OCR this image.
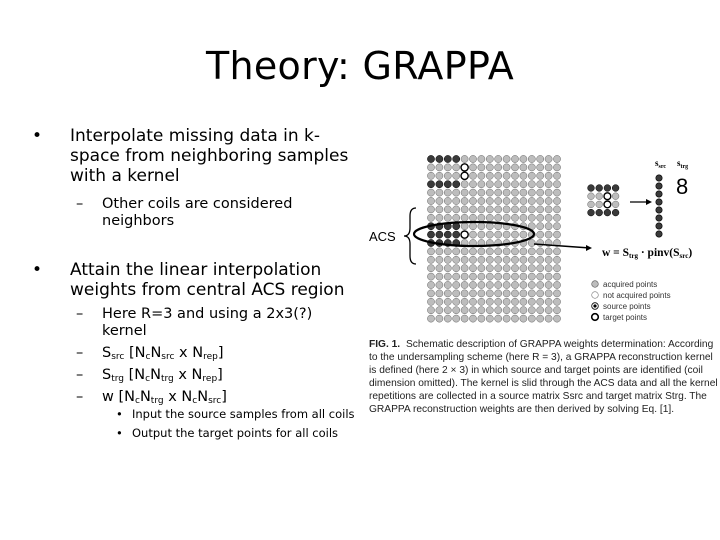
Theory: GRAPPA
• Interpolate missing data in k-space from neighboring samples with a kernel
– Other coils are considered neighbors
• Attain the linear interpolation weights from central ACS region
– Here R=3 and using a 2x3(?) kernel
– $S_{src}$ [$N_cN_{src}$ x $N_{rep}$]
– $S_{trg}$ [$N_cN_{trg}$ x $N_{rep}$]
– w [$N_cN_{trg}$ x $N_cN_{src}$]
• Input the source samples from all coils
• Output the target points for all coils
ACS
$s_{src}$ $s_{trg}$
8
w = Strg · pinv(Ssrc)
acquired points
not acquired points
source points
target points
FIG. 1. Schematic description of GRAPPA weights determination: According to the undersampling scheme (here R = 3), a GRAPPA reconstruction kernel is defined (here 2 × 3) in which source and target points are identified (coil dimension omitted). The kernel is slid through the ACS data and all the kernel repetitions are collected in a source matrix Ssrc and target matrix Strg. The GRAPPA reconstruction weights are then derived by solving Eq. [1].
